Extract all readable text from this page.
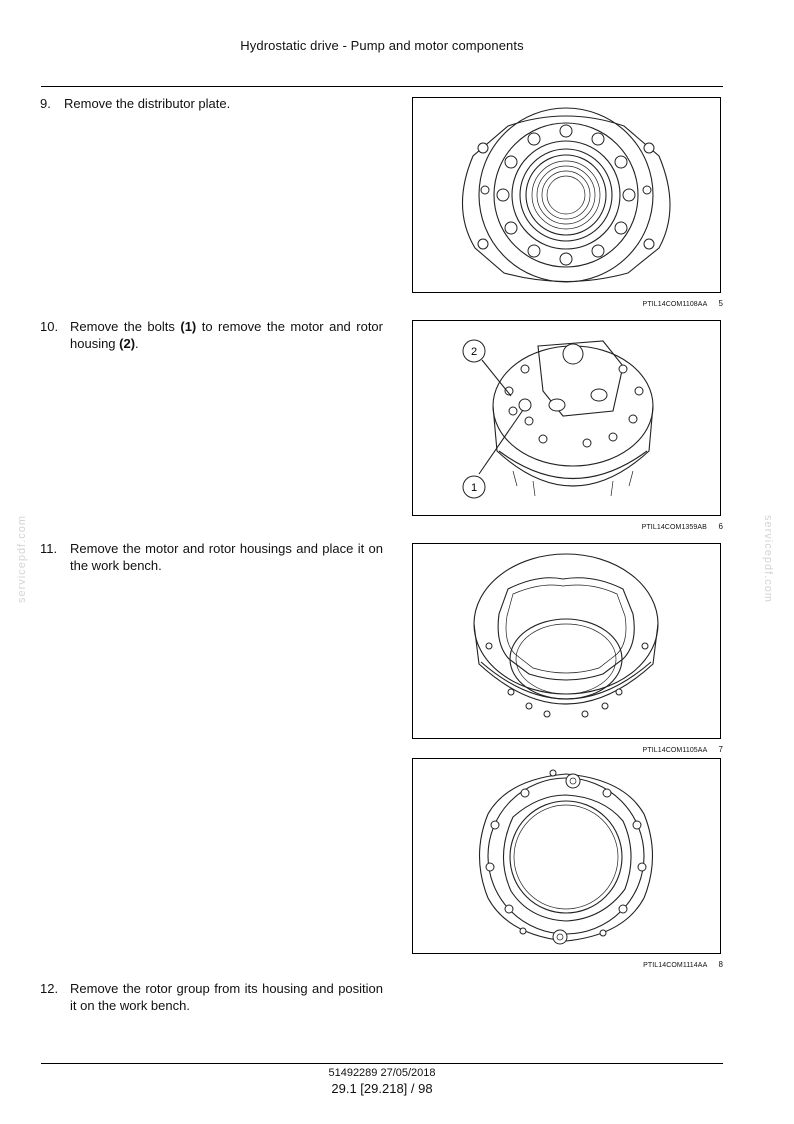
Hydrostatic drive - Pump and motor components
9. Remove the distributor plate.
PTIL14COM1108AA 5
10. Remove the bolts (1) to remove the motor and rotor housing (2).
2
1
PTIL14COM1359AB 6
11. Remove the motor and rotor housings and place it on the work bench.
PTIL14COM1105AA 7
PTIL14COM1114AA 8
12. Remove the rotor group from its housing and position it on the work bench.
servicepdf.com	servicepdf.com
51492289 27/05/2018
29.1 [29.218] / 98
